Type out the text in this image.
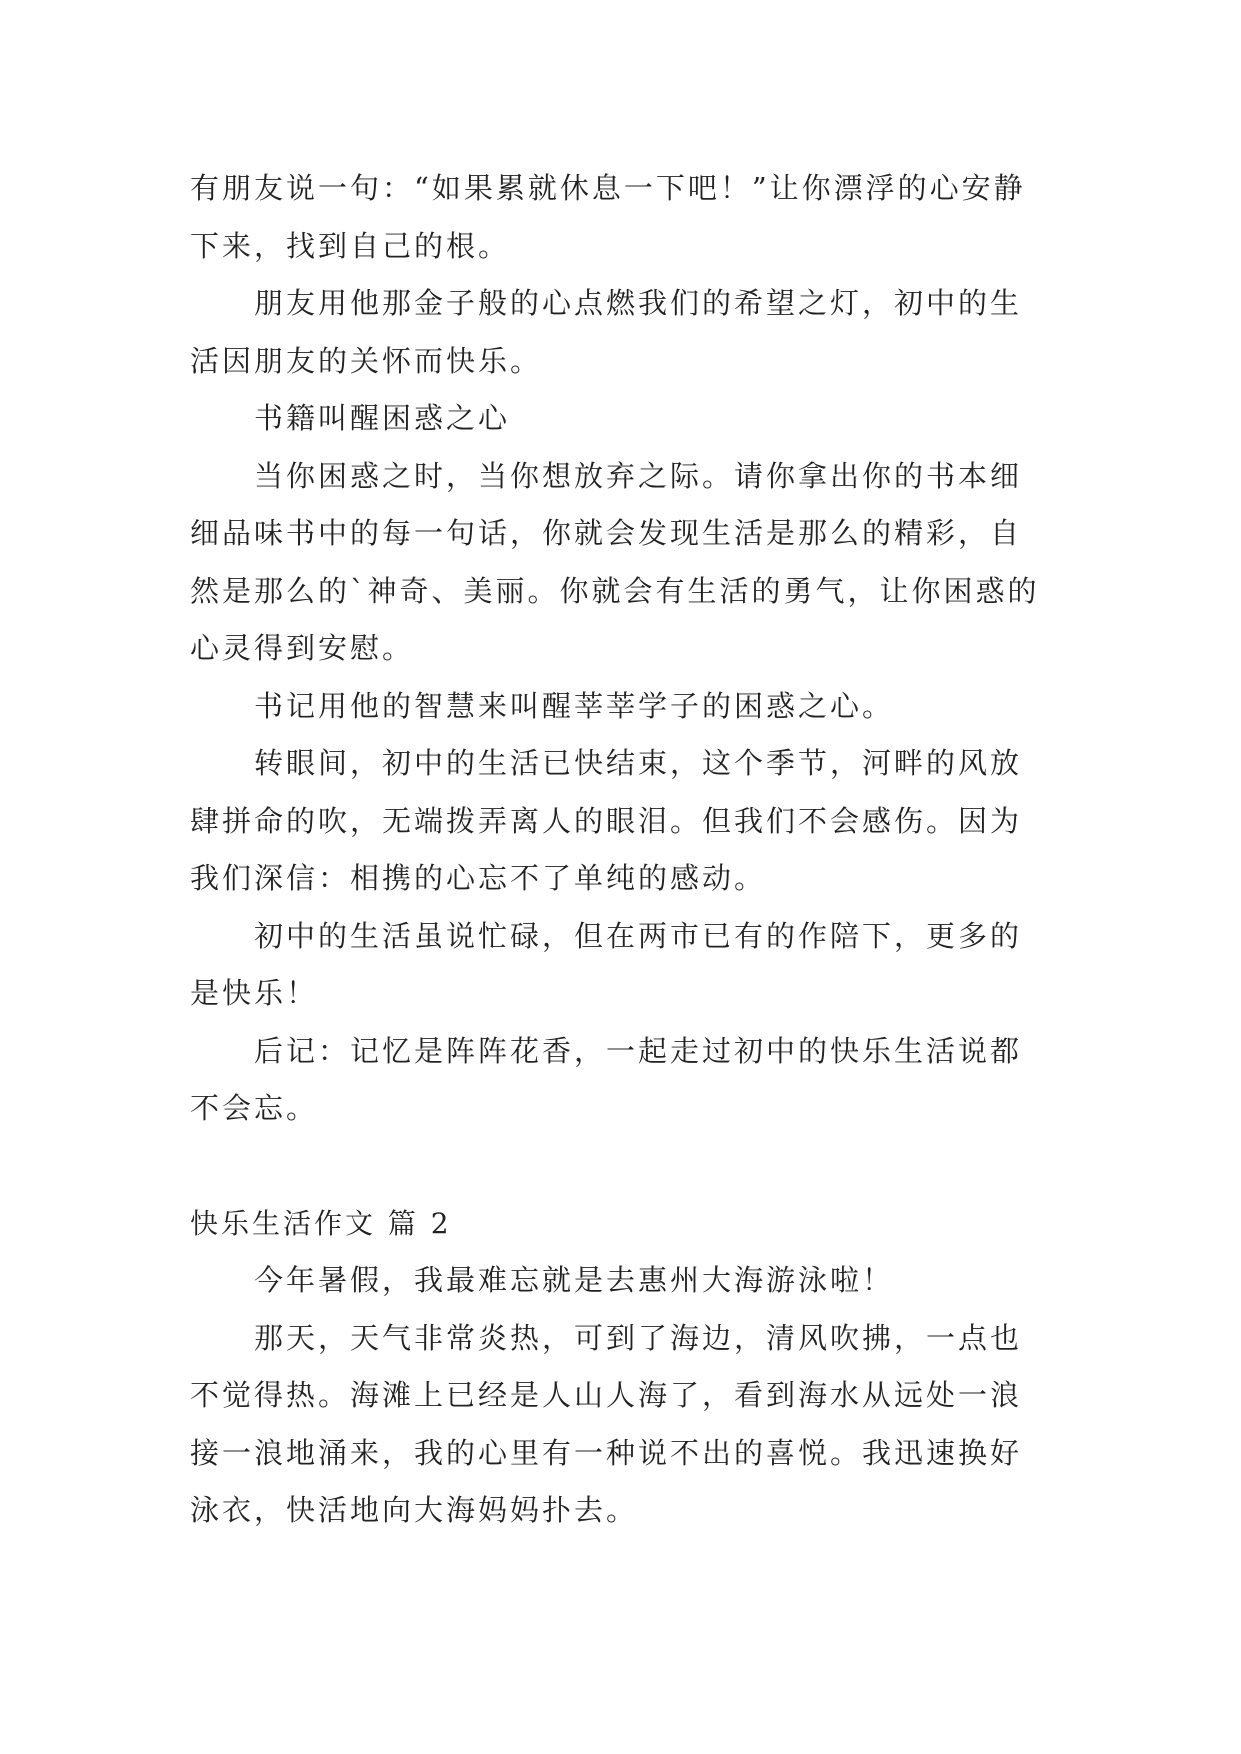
有朋友说一句：“如果累就休息一下吧！”让你漂浮的心安静下来，找到自己的根。

朋友用他那金子般的心点燃我们的希望之灯，初中的生活因朋友的关怀而快乐。

书籍叫醒困惑之心

当你困惑之时，当你想放弃之际。请你拿出你的书本细细品味书中的每一句话，你就会发现生活是那么的精彩，自然是那么的`神奇、美丽。你就会有生活的勇气，让你困惑的心灵得到安慰。

书记用他的智慧来叫醒莘莘学子的困惑之心。

转眼间，初中的生活已快结束，这个季节，河畔的风放肆拼命的吹，无端拨弄离人的眼泪。但我们不会感伤。因为我们深信：相携的心忘不了单纯的感动。

初中的生活虽说忙碌，但在两市已有的作陪下，更多的是快乐！

后记：记忆是阵阵花香，一起走过初中的快乐生活说都不会忘。

快乐生活作文 篇 2

今年暑假，我最难忘就是去惠州大海游泳啦！

那天，天气非常炎热，可到了海边，清风吹拂，一点也不觉得热。海滩上已经是人山人海了，看到海水从远处一浪接一浪地涌来，我的心里有一种说不出的喜悦。我迅速换好泳衣，快活地向大海妈妈扑去。
